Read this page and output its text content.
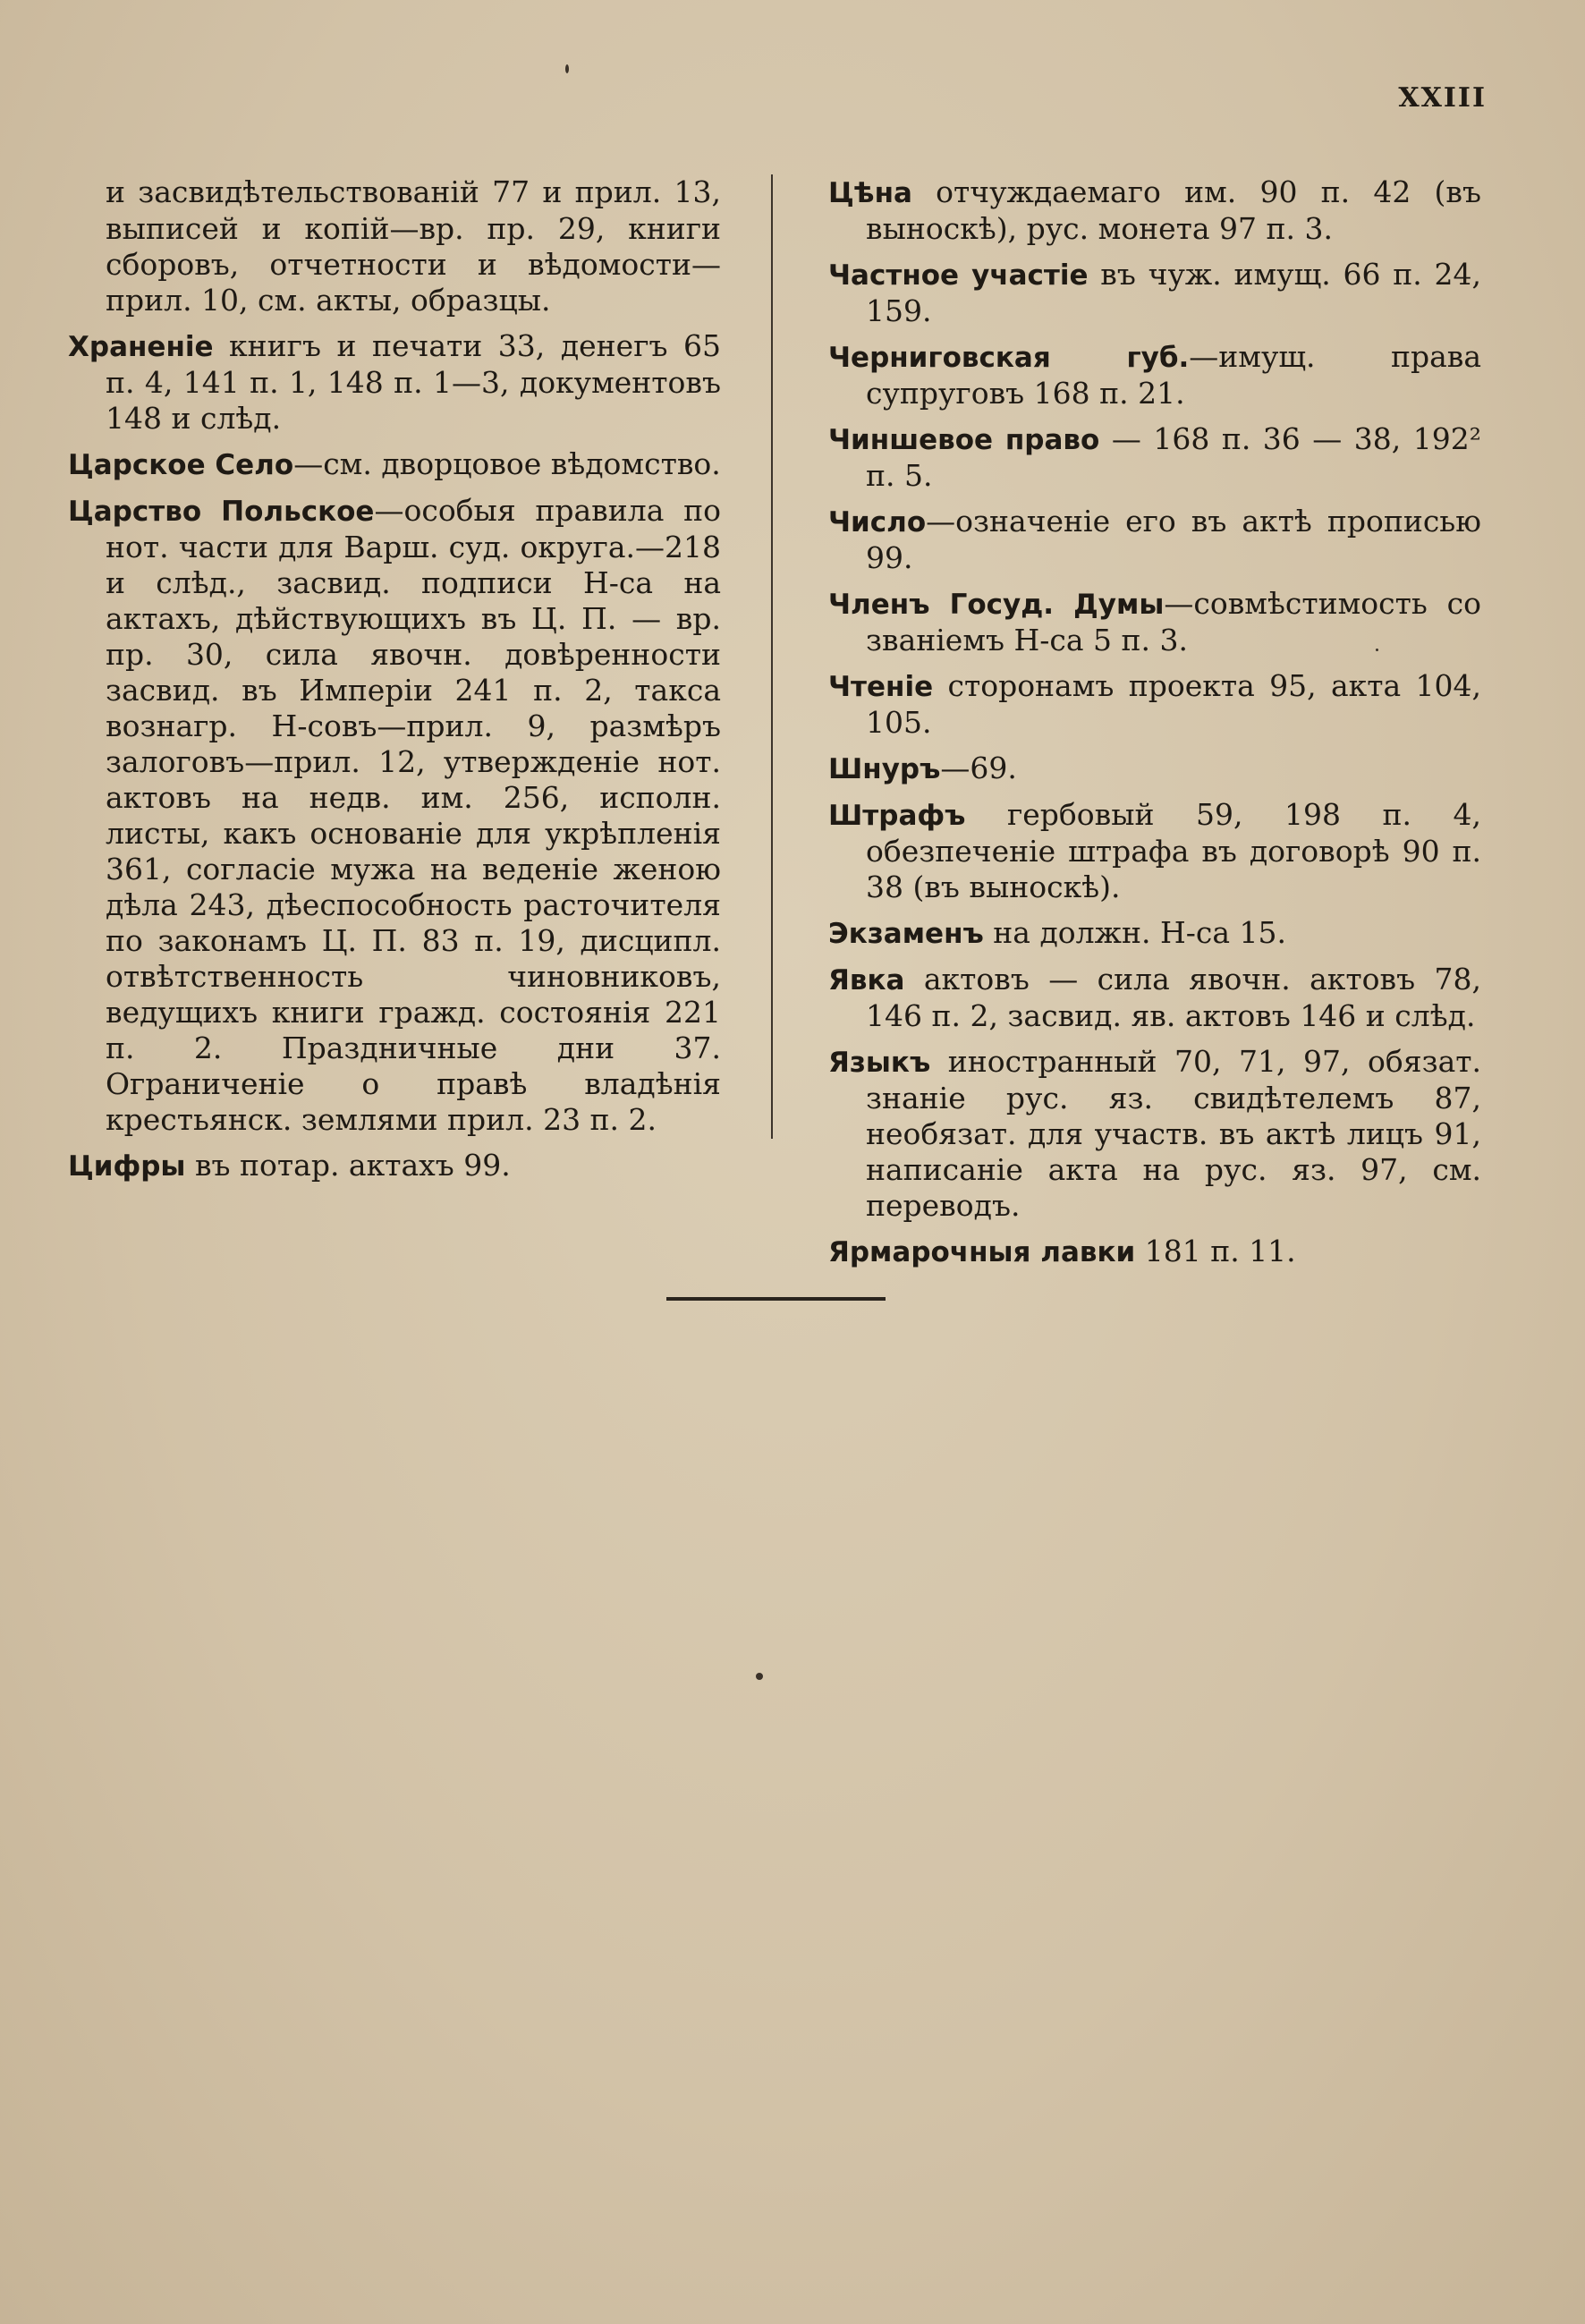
XXIII

и засвидѣтельствованій 77 и прил. 13, выписей и копій—вр. пр. 29, книги сборовъ, отчетности и вѣдомости—прил. 10, см. акты, образцы.

Храненіе книгъ и печати 33, денегъ 65 п. 4, 141 п. 1, 148 п. 1—3, документовъ 148 и слѣд.

Царское Село—см. дворцовое вѣдомство.

Царство Польское—особыя правила по нот. части для Варш. суд. округа.—218 и слѣд., засвид. подписи Н-са на актахъ, дѣйствующихъ въ Ц. П. — вр. пр. 30, сила явочн. довѣренности засвид. въ Имперіи 241 п. 2, такса вознагр. Н-совъ—прил. 9, размѣръ залоговъ—прил. 12, утвержденіе нот. актовъ на недв. им. 256, исполн. листы, какъ основаніе для укрѣпленія 361, согласіе мужа на веденіе женою дѣла 243, дѣеспособность расточителя по законамъ Ц. П. 83 п. 19, дисципл. отвѣтственность чиновниковъ, ведущихъ книги гражд. состоянія 221 п. 2. Праздничные дни 37. Ограниченіе о правѣ владѣнія крестьянск. землями прил. 23 п. 2.

Цифры въ потар. актахъ 99.

Цѣна отчуждаемаго им. 90 п. 42 (въ выноскѣ), рус. монета 97 п. 3.

Частное участіе въ чуж. имущ. 66 п. 24, 159.

Черниговская губ.—имущ. права супруговъ 168 п. 21.

Чиншевое право — 168 п. 36 — 38, 192² п. 5.

Число—означеніе его въ актѣ прописью 99.

Членъ Госуд. Думы—совмѣстимость со званіемъ Н-са 5 п. 3.

Чтеніе сторонамъ проекта 95, акта 104, 105.

Шнуръ—69.

Штрафъ гербовый 59, 198 п. 4, обезпеченіе штрафа въ договорѣ 90 п. 38 (въ выноскѣ).

Экзаменъ на должн. Н-са 15.

Явка актовъ — сила явочн. актовъ 78, 146 п. 2, засвид. яв. актовъ 146 и слѣд.

Языкъ иностранный 70, 71, 97, обязат. знаніе рус. яз. свидѣтелемъ 87, необязат. для участв. въ актѣ лицъ 91, написаніе акта на рус. яз. 97, см. переводъ.

Ярмарочныя лавки 181 п. 11.
